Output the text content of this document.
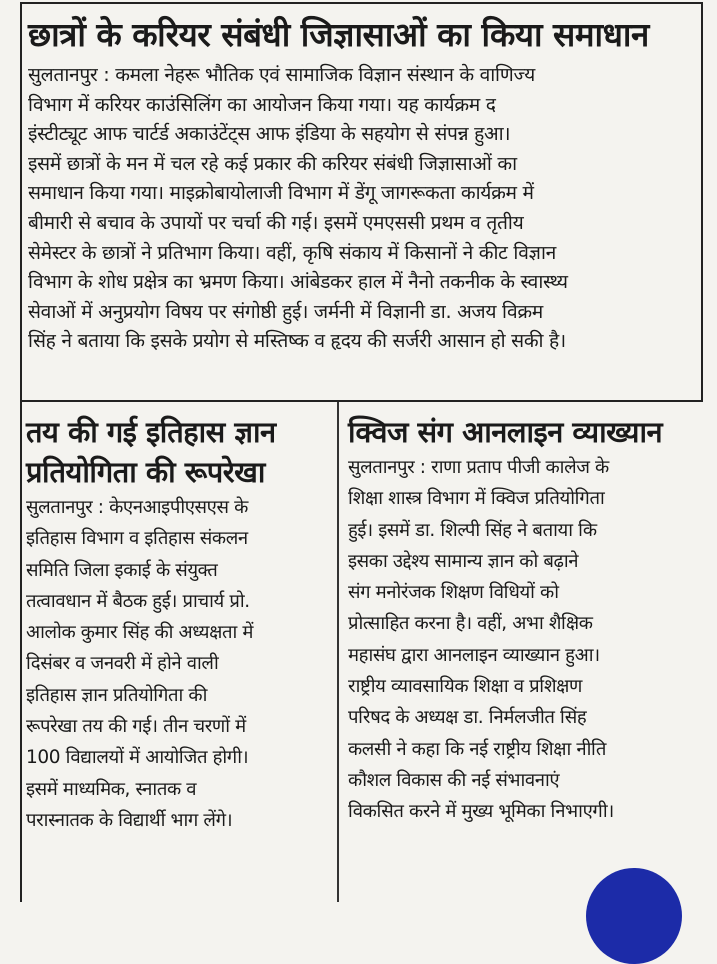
छात्रों के करियर संबंधी जिज्ञासाओं का किया समाधान
सुलतानपुर : कमला नेहरू भौतिक एवं सामाजिक विज्ञान संस्थान के वाणिज्य
विभाग में करियर काउंसिलिंग का आयोजन किया गया। यह कार्यक्रम द
इंस्टीट्यूट आफ चार्टर्ड अकाउंटेंट्स आफ इंडिया के सहयोग से संपन्न हुआ।
इसमें छात्रों के मन में चल रहे कई प्रकार की करियर संबंधी जिज्ञासाओं का
समाधान किया गया। माइक्रोबायोलाजी विभाग में डेंगू जागरूकता कार्यक्रम में
बीमारी से बचाव के उपायों पर चर्चा की गई। इसमें एमएससी प्रथम व तृतीय
सेमेस्टर के छात्रों ने प्रतिभाग किया। वहीं, कृषि संकाय में किसानों ने कीट विज्ञान
विभाग के शोध प्रक्षेत्र का भ्रमण किया। आंबेडकर हाल में नैनो तकनीक के स्वास्थ्य
सेवाओं में अनुप्रयोग विषय पर संगोष्ठी हुई। जर्मनी में विज्ञानी डा. अजय विक्रम
सिंह ने बताया कि इसके प्रयोग से मस्तिष्क व हृदय की सर्जरी आसान हो सकी है।
तय की गई इतिहास ज्ञान
प्रतियोगिता की रूपरेखा
सुलतानपुर : केएनआइपीएसएस के
इतिहास विभाग व इतिहास संकलन
समिति जिला इकाई के संयुक्त
तत्वावधान में बैठक हुई। प्राचार्य प्रो.
आलोक कुमार सिंह की अध्यक्षता में
दिसंबर व जनवरी में होने वाली
इतिहास ज्ञान प्रतियोगिता की
रूपरेखा तय की गई। तीन चरणों में
100 विद्यालयों में आयोजित होगी।
इसमें माध्यमिक, स्नातक व
परास्नातक के विद्यार्थी भाग लेंगे।
क्विज संग आनलाइन व्याख्यान
सुलतानपुर : राणा प्रताप पीजी कालेज के
शिक्षा शास्त्र विभाग में क्विज प्रतियोगिता
हुई। इसमें डा. शिल्पी सिंह ने बताया कि
इसका उद्देश्य सामान्य ज्ञान को बढ़ाने
संग मनोरंजक शिक्षण विधियों को
प्रोत्साहित करना है। वहीं, अभा शैक्षिक
महासंघ द्वारा आनलाइन व्याख्यान हुआ।
राष्ट्रीय व्यावसायिक शिक्षा व प्रशिक्षण
परिषद के अध्यक्ष डा. निर्मलजीत सिंह
कलसी ने कहा कि नई राष्ट्रीय शिक्षा नीति
कौशल विकास की नई संभावनाएं
विकसित करने में मुख्य भूमिका निभाएगी।
